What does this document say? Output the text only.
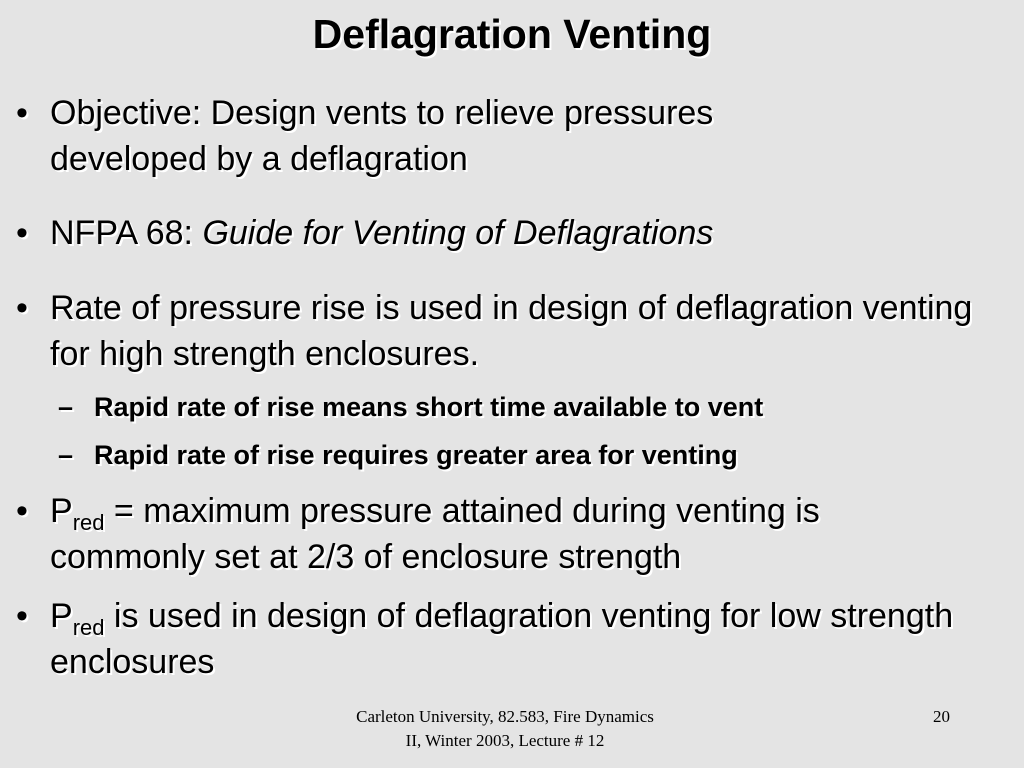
Deflagration Venting
• Objective: Design vents to relieve pressures developed by a deflagration
• NFPA 68: Guide for Venting of Deflagrations
• Rate of pressure rise is used in design of deflagration venting for high strength enclosures.
– Rapid rate of rise means short time available to vent
– Rapid rate of rise requires greater area for venting
• $P_{red}$ = maximum pressure attained during venting is commonly set at 2/3 of enclosure strength
• $P_{red}$ is used in design of deflagration venting for low strength enclosures
Carleton University, 82.583, Fire Dynamics II, Winter 2003, Lecture # 12
20
